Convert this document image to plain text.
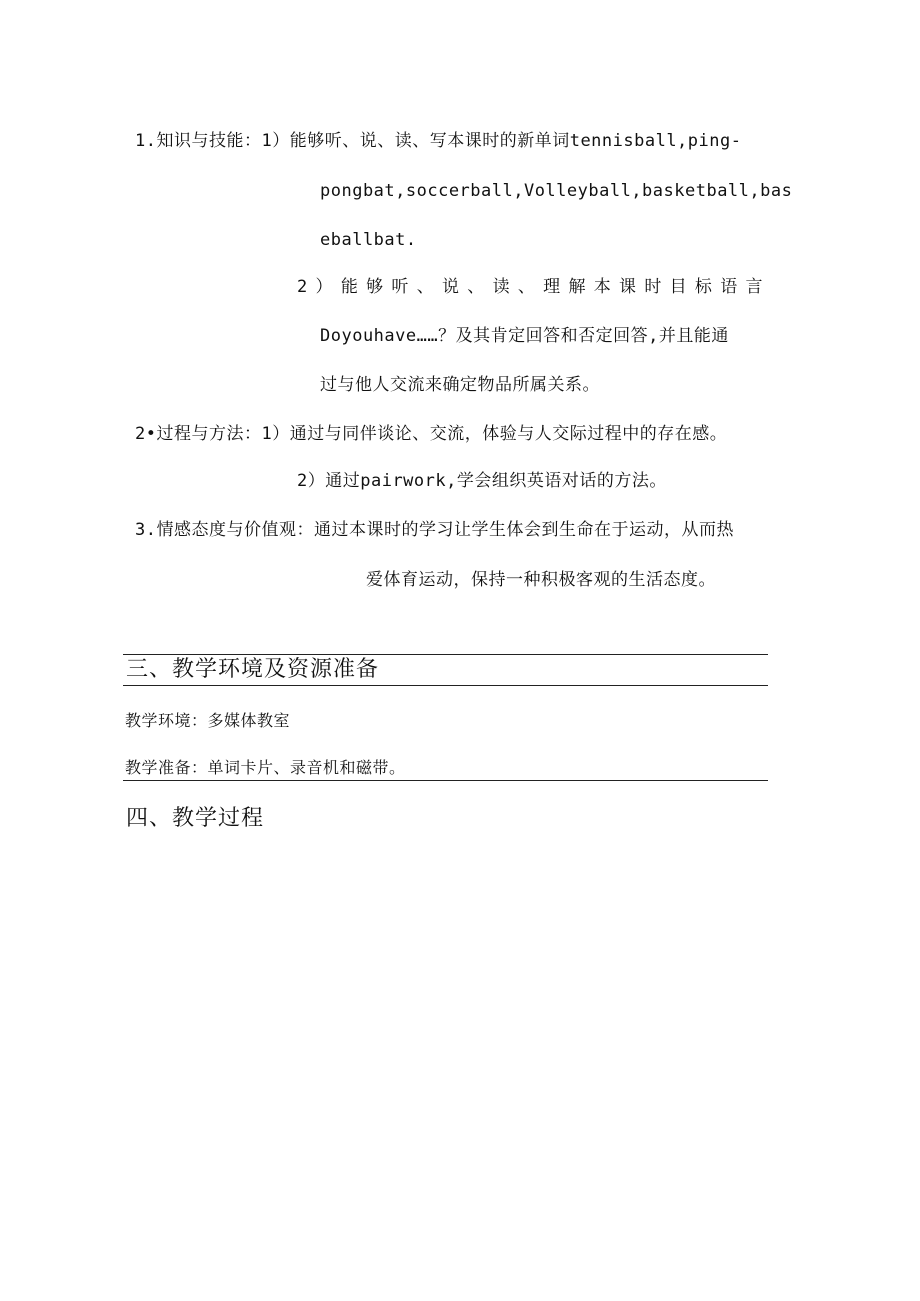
1.知识与技能：1）能够听、说、读、写本课时的新单词tennisball,ping-
pongbat,soccerball,Volleyball,basketball,bas
eballbat.
2）能够听、说、读、理解本课时目标语言
Doyouhave……？及其肯定回答和否定回答,并且能通
过与他人交流来确定物品所属关系。
2•过程与方法：1）通过与同伴谈论、交流，体验与人交际过程中的存在感。
2）通过pairwork,学会组织英语对话的方法。
3.情感态度与价值观：通过本课时的学习让学生体会到生命在于运动，从而热
爱体育运动，保持一种积极客观的生活态度。
三、教学环境及资源准备
教学环境：多媒体教室
教学准备：单词卡片、录音机和磁带。
四、教学过程
